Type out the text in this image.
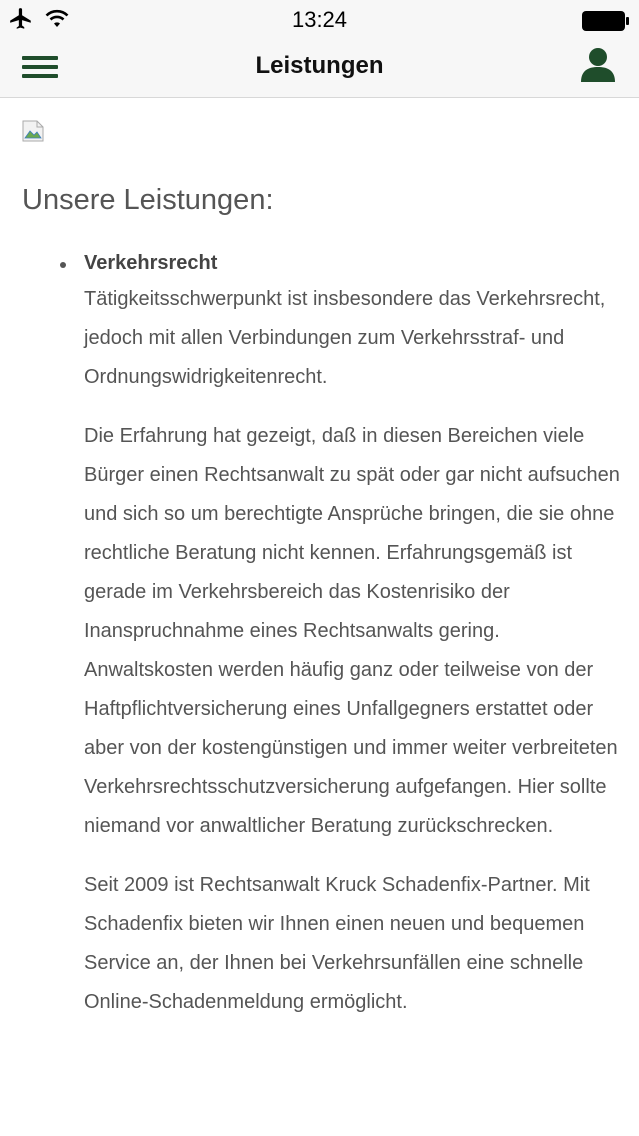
13:24
Leistungen
Unsere Leistungen:

Verkehrsrecht

Tätigkeitsschwerpunkt ist insbesondere das Verkehrsrecht, jedoch mit allen Verbindungen zum Verkehrsstraf- und Ordnungswidrigkeitenrecht.

Die Erfahrung hat gezeigt, daß in diesen Bereichen viele Bürger einen Rechtsanwalt zu spät oder gar nicht aufsuchen und sich so um berechtigte Ansprüche bringen, die sie ohne rechtliche Beratung nicht kennen. Erfahrungsgemäß ist gerade im Verkehrsbereich das Kostenrisiko der Inanspruchnahme eines Rechtsanwalts gering. Anwaltskosten werden häufig ganz oder teilweise von der Haftpflichtversicherung eines Unfallgegners erstattet oder aber von der kostengünstigen und immer weiter verbreiteten Verkehrsrechtsschutzversicherung aufgefangen. Hier sollte niemand vor anwaltlicher Beratung zurückschrecken.

Seit 2009 ist Rechtsanwalt Kruck Schadenfix-Partner. Mit Schadenfix bieten wir Ihnen einen neuen und bequemen Service an, der Ihnen bei Verkehrsunfällen eine schnelle Online-Schadenmeldung ermöglicht.
